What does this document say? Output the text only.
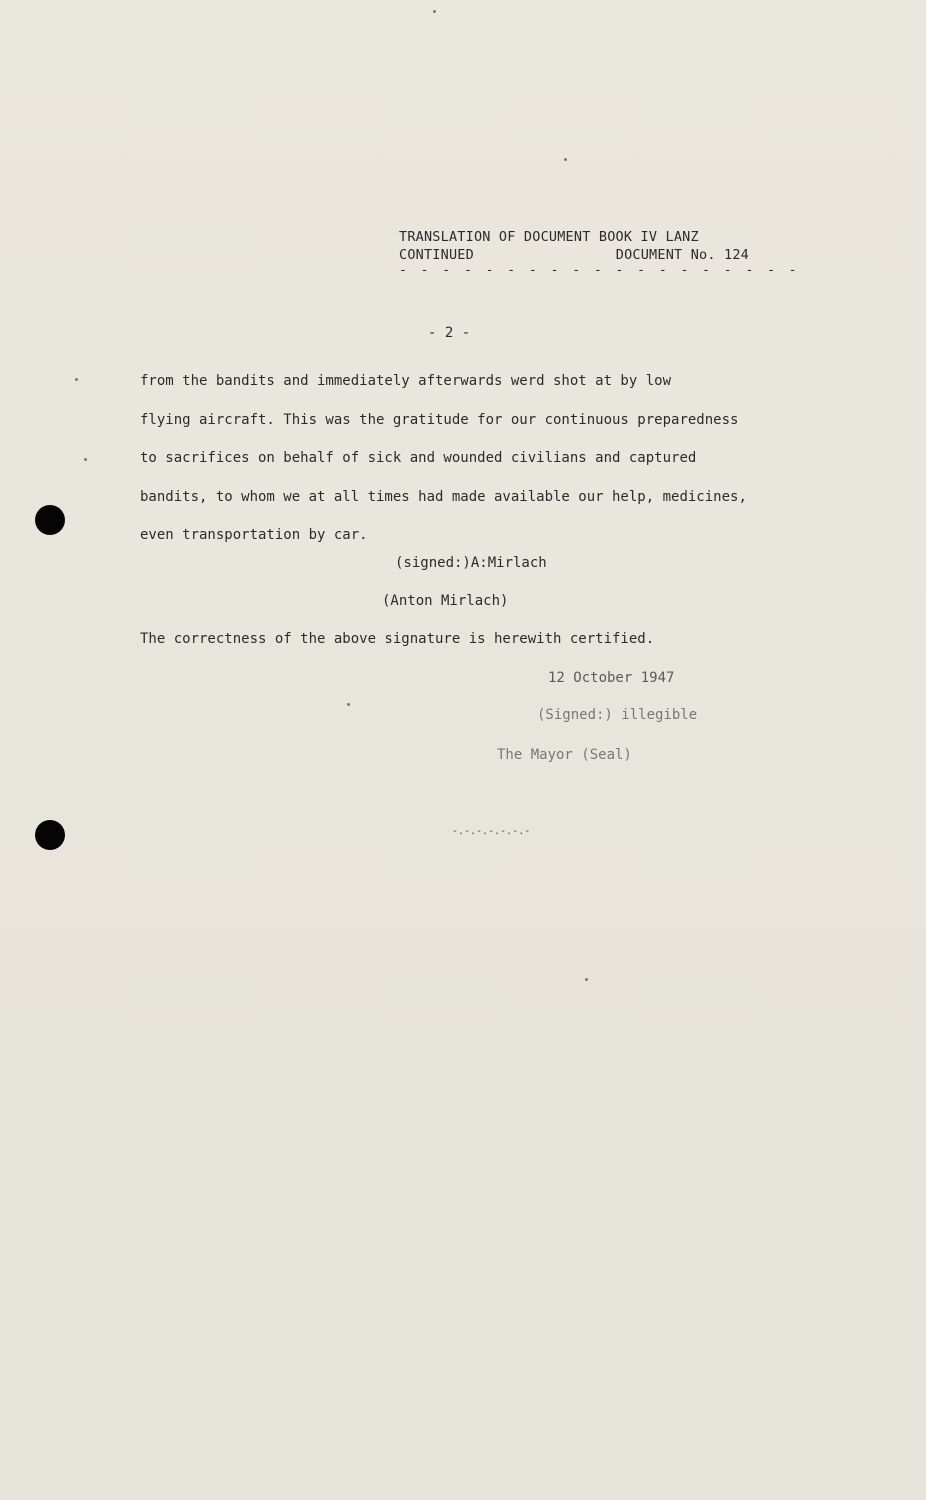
TRANSLATION OF DOCUMENT BOOK IV LANZ
CONTINUED	DOCUMENT No. 124
- - - - - - - - - - - - - - - - - - -
- 2 -
from the bandits and immediately afterwards werd shot at by low
flying aircraft. This was the gratitude for our continuous preparedness
to sacrifices on behalf of sick and wounded civilians and captured
bandits, to whom we at all times had made available our help, medicines,
even transportation by car.
(signed:)A:Mirlach
(Anton Mirlach)
The correctness of the above signature is herewith certified.
12 October 1947
(Signed:) illegible
The Mayor (Seal)
-.-.-.-.-.-.-
